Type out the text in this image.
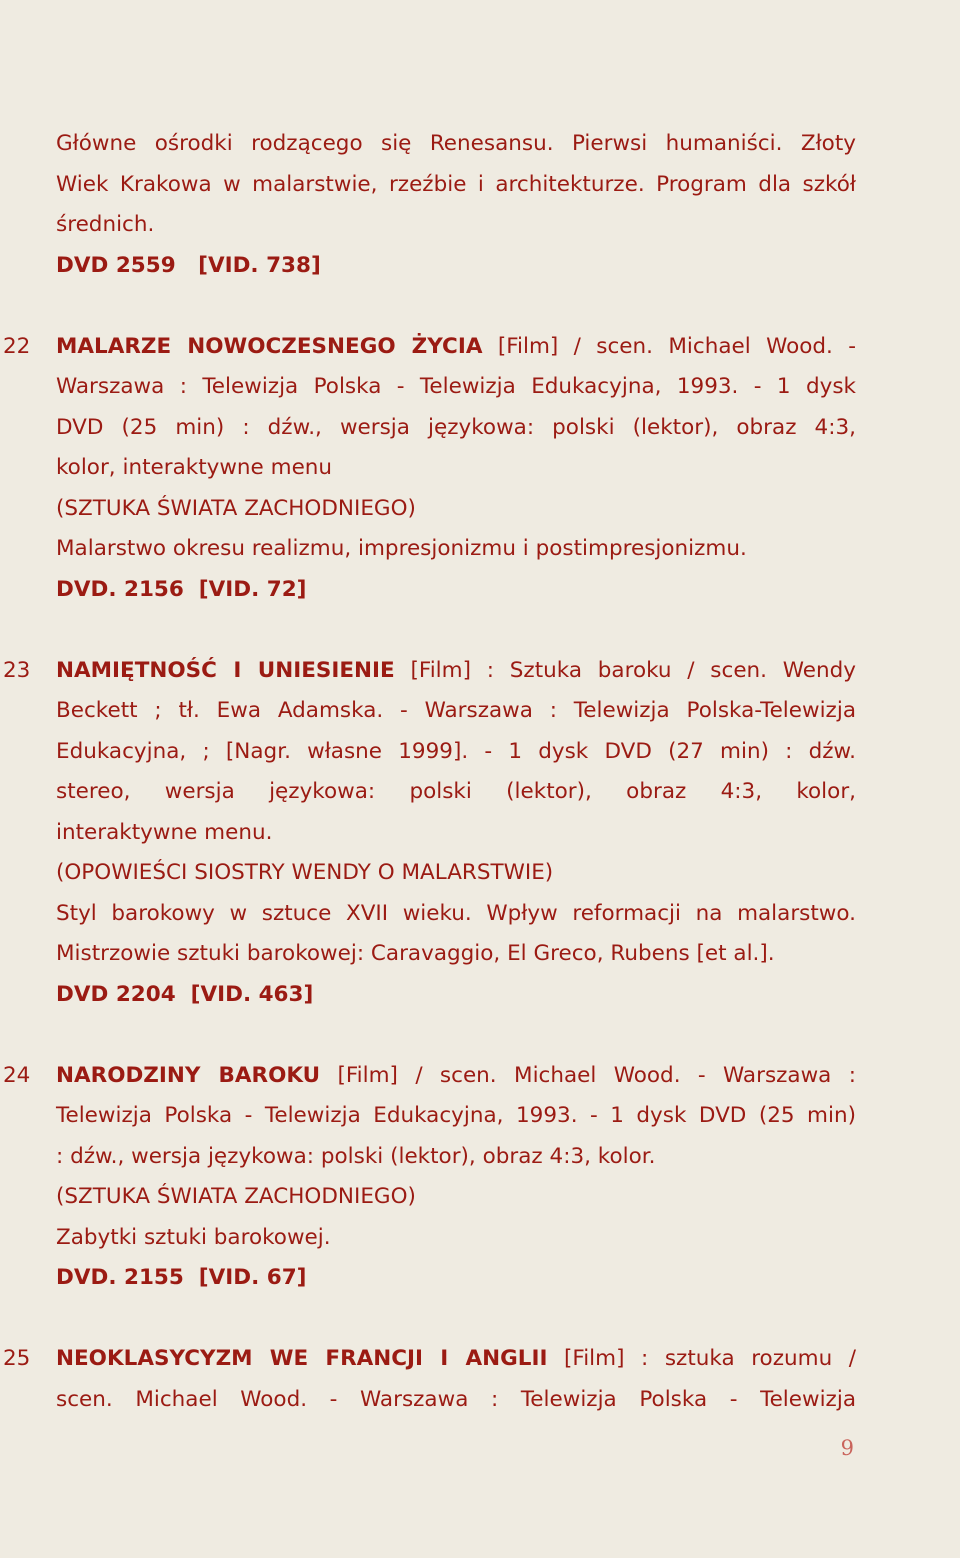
Główne ośrodki rodzącego się Renesansu. Pierwsi humaniści. Złoty
Wiek Krakowa w malarstwie, rzeźbie i architekturze. Program dla szkół
średnich.
DVD 2559   [VID. 738]
22 MALARZE NOWOCZESNEGO ŻYCIA [Film] / scen. Michael Wood. -
Warszawa : Telewizja Polska - Telewizja Edukacyjna, 1993. - 1 dysk
DVD (25 min) : dźw., wersja językowa: polski (lektor), obraz 4:3,
kolor, interaktywne menu
(SZTUKA ŚWIATA ZACHODNIEGO)
Malarstwo okresu realizmu, impresjonizmu i postimpresjonizmu.
DVD. 2156  [VID. 72]
23 NAMIĘTNOŚĆ I UNIESIENIE [Film] : Sztuka baroku / scen. Wendy
Beckett ; tł. Ewa Adamska. - Warszawa : Telewizja Polska-Telewizja
Edukacyjna, ; [Nagr. własne 1999]. - 1 dysk DVD (27 min) : dźw.
stereo, wersja językowa: polski (lektor), obraz 4:3, kolor,
interaktywne menu.
(OPOWIEŚCI SIOSTRY WENDY O MALARSTWIE)
Styl barokowy w sztuce XVII wieku. Wpływ reformacji na malarstwo.
Mistrzowie sztuki barokowej: Caravaggio, El Greco, Rubens [et al.].
DVD 2204  [VID. 463]
24 NARODZINY BAROKU [Film] / scen. Michael Wood. - Warszawa :
Telewizja Polska - Telewizja Edukacyjna, 1993. - 1 dysk DVD (25 min)
: dźw., wersja językowa: polski (lektor), obraz 4:3, kolor.
(SZTUKA ŚWIATA ZACHODNIEGO)
Zabytki sztuki barokowej.
DVD. 2155  [VID. 67]
25 NEOKLASYCYZM WE FRANCJI I ANGLII [Film] : sztuka rozumu /
scen. Michael Wood. - Warszawa : Telewizja Polska - Telewizja
9
